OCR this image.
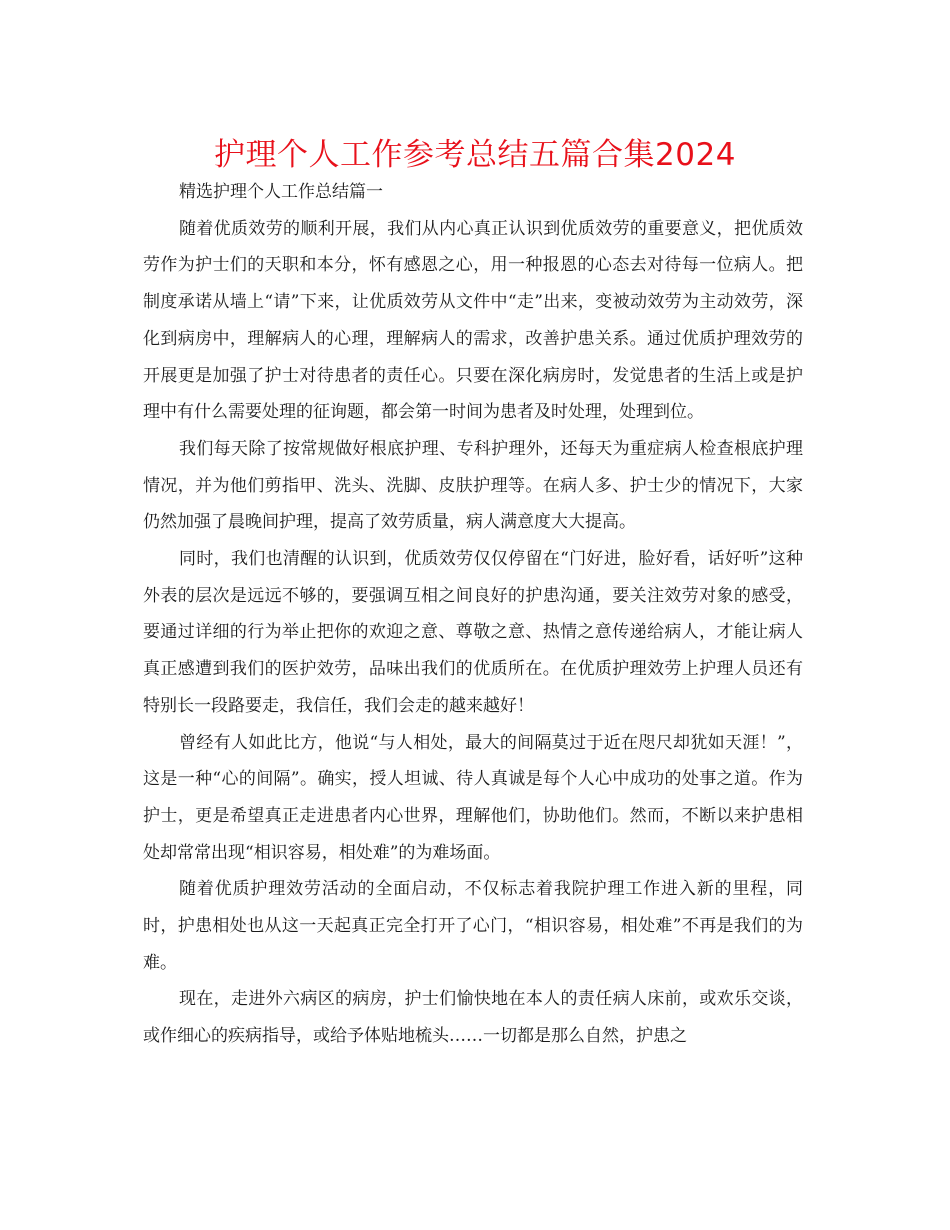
护理个人工作参考总结五篇合集2024

精选护理个人工作总结篇一

随着优质效劳的顺利开展，我们从内心真正认识到优质效劳的重要意义，把优质效劳作为护士们的天职和本分，怀有感恩之心，用一种报恩的心态去对待每一位病人。把制度承诺从墙上“请”下来，让优质效劳从文件中“走”出来，变被动效劳为主动效劳，深化到病房中，理解病人的心理，理解病人的需求，改善护患关系。通过优质护理效劳的开展更是加强了护士对待患者的责任心。只要在深化病房时，发觉患者的生活上或是护理中有什么需要处理的征询题，都会第一时间为患者及时处理，处理到位。

我们每天除了按常规做好根底护理、专科护理外，还每天为重症病人检查根底护理情况，并为他们剪指甲、洗头、洗脚、皮肤护理等。在病人多、护士少的情况下，大家仍然加强了晨晚间护理，提高了效劳质量，病人满意度大大提高。

同时，我们也清醒的认识到，优质效劳仅仅停留在“门好进，脸好看，话好听”这种外表的层次是远远不够的，要强调互相之间良好的护患沟通，要关注效劳对象的感受，要通过详细的行为举止把你的欢迎之意、尊敬之意、热情之意传递给病人，才能让病人真正感遭到我们的医护效劳，品味出我们的优质所在。在优质护理效劳上护理人员还有特别长一段路要走，我信任，我们会走的越来越好！

曾经有人如此比方，他说“与人相处，最大的间隔莫过于近在咫尺却犹如天涯！”，这是一种“心的间隔”。确实，授人坦诚、待人真诚是每个人心中成功的处事之道。作为护士，更是希望真正走进患者内心世界，理解他们，协助他们。然而，不断以来护患相处却常常出现“相识容易，相处难”的为难场面。

随着优质护理效劳活动的全面启动，不仅标志着我院护理工作进入新的里程，同时，护患相处也从这一天起真正完全打开了心门，“相识容易，相处难”不再是我们的为难。

现在，走进外六病区的病房，护士们愉快地在本人的责任病人床前，或欢乐交谈，或作细心的疾病指导，或给予体贴地梳头……一切都是那么自然，护患之
